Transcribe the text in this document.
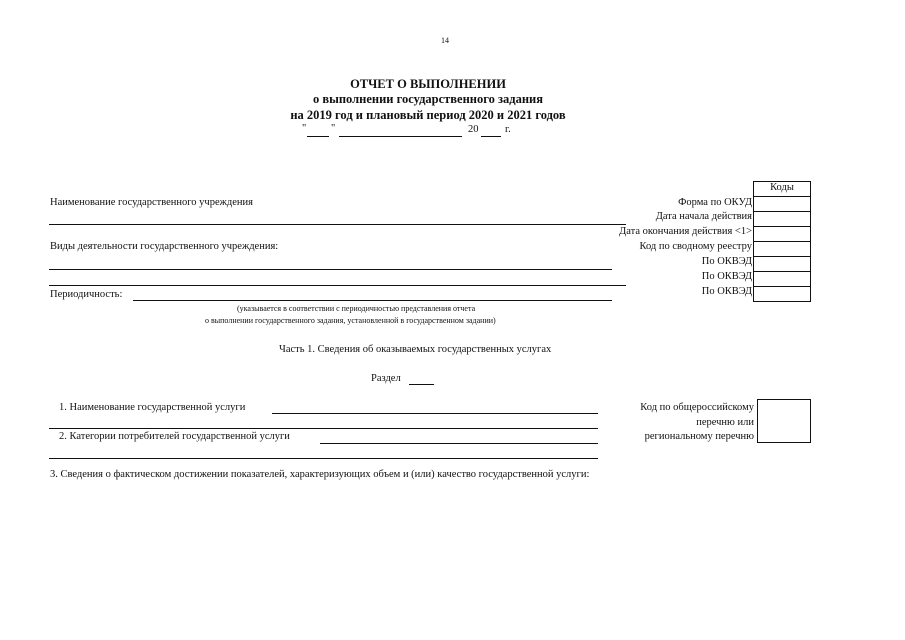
14
ОТЧЕТ О ВЫПОЛНЕНИИ
о выполнении государственного задания
на 2019 год и плановый период 2020 и 2021 годов
" "	20	г.
Наименование государственного учреждения
Виды деятельности государственного учреждения:
Периодичность:
(указывается в соответствии с периодичностью представления отчета
о выполнении государственного задания, установленной в государственном задании)
Коды
Форма по ОКУД
Дата начала действия
Дата окончания действия <1>
Код по сводному реестру
По ОКВЭД
По ОКВЭД
По ОКВЭД
Часть 1. Сведения об оказываемых государственных услугах
Раздел
1. Наименование государственной услуги
2. Категории потребителей государственной услуги
Код по общероссийскому
перечню или
региональному перечню
3. Сведения о фактическом достижении показателей, характеризующих объем и (или) качество государственной услуги:
